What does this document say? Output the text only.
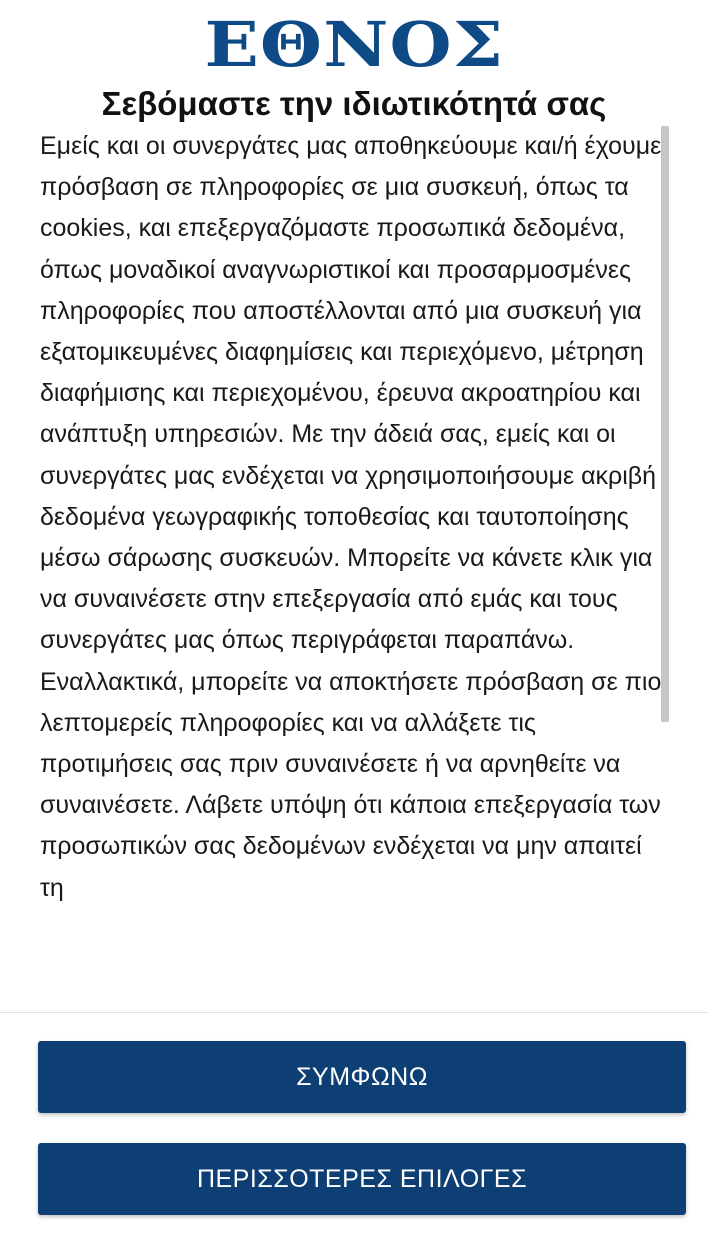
ΕΘΝΟΣ
Σεβόμαστε την ιδιωτικότητά σας

Εμείς και οι συνεργάτες μας αποθηκεύουμε και/ή έχουμε πρόσβαση σε πληροφορίες σε μια συσκευή, όπως τα cookies, και επεξεργαζόμαστε προσωπικά δεδομένα, όπως μοναδικοί αναγνωριστικοί και προσαρμοσμένες πληροφορίες που αποστέλλονται από μια συσκευή για εξατομικευμένες διαφημίσεις και περιεχόμενο, μέτρηση διαφήμισης και περιεχομένου, έρευνα ακροατηρίου και ανάπτυξη υπηρεσιών. Με την άδειά σας, εμείς και οι συνεργάτες μας ενδέχεται να χρησιμοποιήσουμε ακριβή δεδομένα γεωγραφικής τοποθεσίας και ταυτοποίησης μέσω σάρωσης συσκευών. Μπορείτε να κάνετε κλικ για να συναινέσετε στην επεξεργασία από εμάς και τους συνεργάτες μας όπως περιγράφεται παραπάνω. Εναλλακτικά, μπορείτε να αποκτήσετε πρόσβαση σε πιο λεπτομερείς πληροφορίες και να αλλάξετε τις προτιμήσεις σας πριν συναινέσετε ή να αρνηθείτε να συναινέσετε. Λάβετε υπόψη ότι κάποια επεξεργασία των προσωπικών σας δεδομένων ενδέχεται να μην απαιτεί τη

ΣΥΜΦΩΝΩ
ΠΕΡΙΣΣΟΤΕΡΕΣ ΕΠΙΛΟΓΕΣ
